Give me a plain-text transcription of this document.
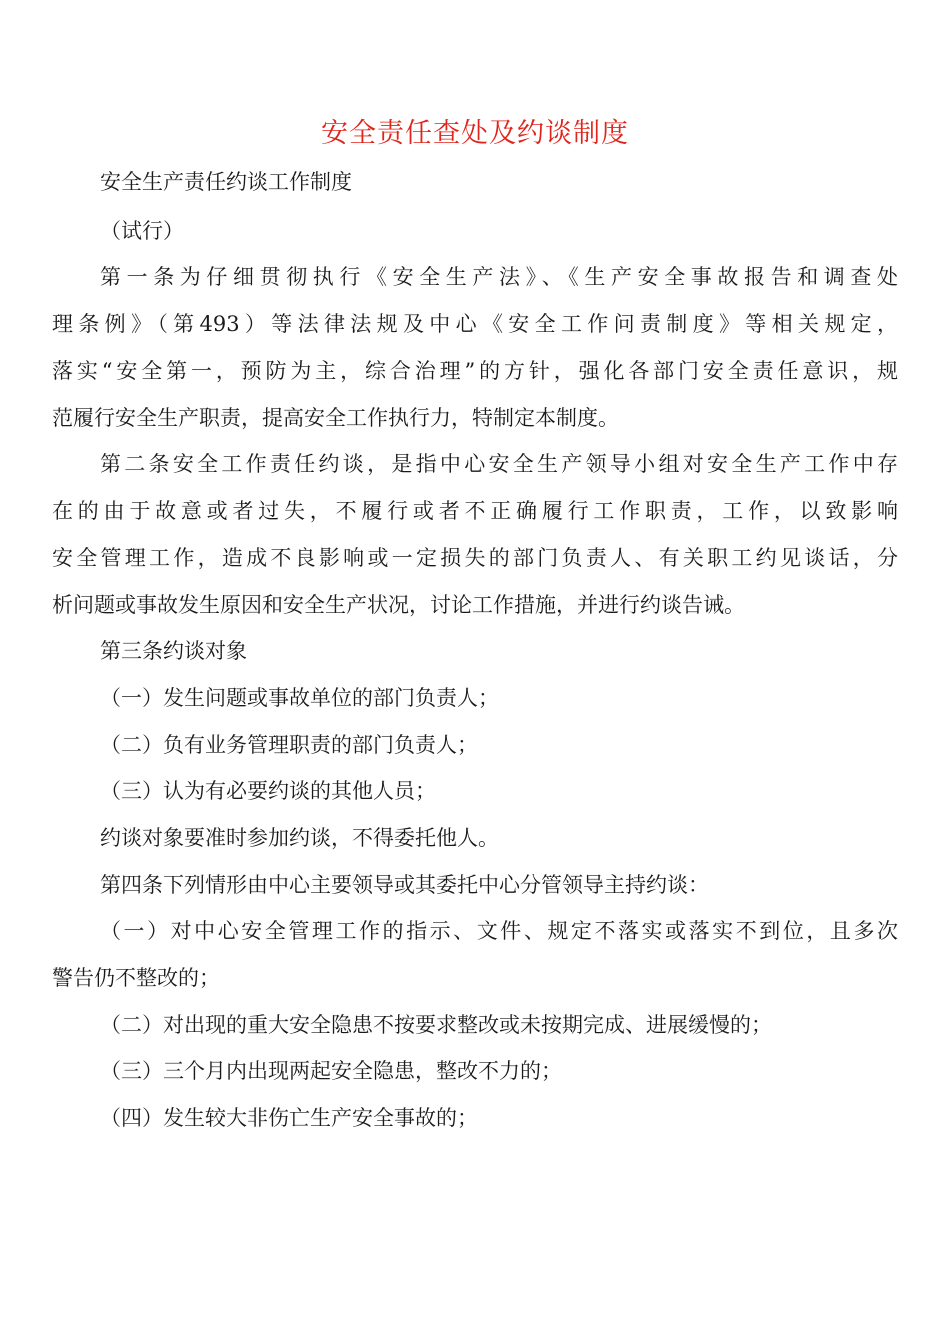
安全责任查处及约谈制度
安全生产责任约谈工作制度
（试行）
第一条为仔细贯彻执行《安全生产法》、《生产安全事故报告和调查处
理条例》（第493）等法律法规及中心《安全工作问责制度》等相关规定，
落实“安全第一，预防为主，综合治理”的方针，强化各部门安全责任意识，规
范履行安全生产职责，提高安全工作执行力，特制定本制度。
第二条安全工作责任约谈，是指中心安全生产领导小组对安全生产工作中存
在的由于故意或者过失，不履行或者不正确履行工作职责，工作，以致影响
安全管理工作，造成不良影响或一定损失的部门负责人、有关职工约见谈话，分
析问题或事故发生原因和安全生产状况，讨论工作措施，并进行约谈告诫。
第三条约谈对象
（一）发生问题或事故单位的部门负责人；
（二）负有业务管理职责的部门负责人；
（三）认为有必要约谈的其他人员；
约谈对象要准时参加约谈，不得委托他人。
第四条下列情形由中心主要领导或其委托中心分管领导主持约谈：
（一）对中心安全管理工作的指示、文件、规定不落实或落实不到位，且多次
警告仍不整改的；
（二）对出现的重大安全隐患不按要求整改或未按期完成、进展缓慢的；
（三）三个月内出现两起安全隐患，整改不力的；
（四）发生较大非伤亡生产安全事故的；
